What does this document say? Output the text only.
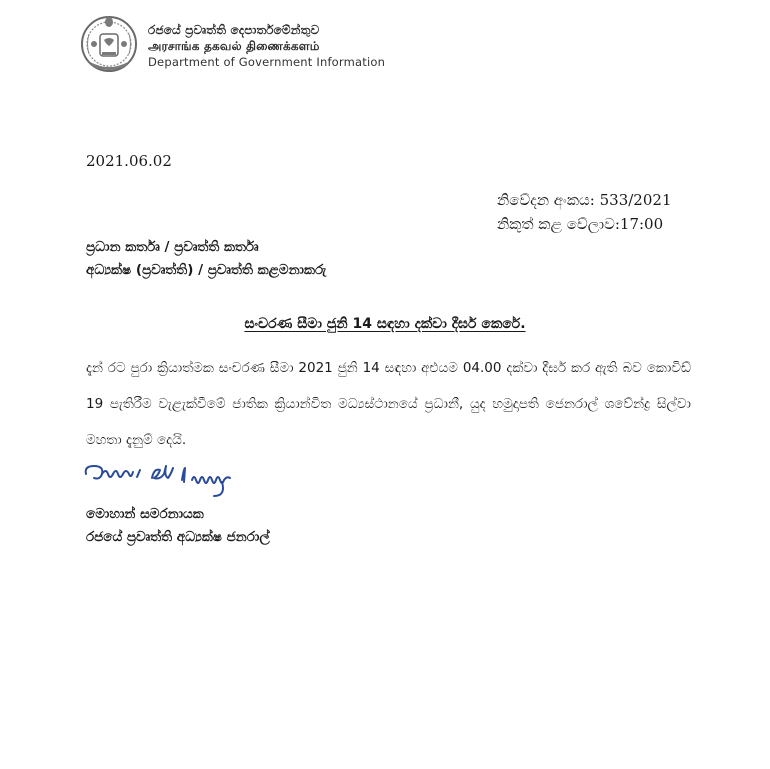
රජයේ ප්‍රවෘත්ති දෙපාර්තමේන්තුව
அரசாங்க தகவல் திணைக்களம்
Department of Government Information
2021.06.02
නිවේදන අංකය: 533/2021
නිකුත් කළ වේලාව:17:00
ප්‍රධාන කර්තෘ / ප්‍රවෘත්ති කර්තෘ
අධ්‍යක්ෂ (ප්‍රවෘත්ති) / ප්‍රවෘත්ති කළමනාකරු
සංචරණ සීමා ජුනි 14 සඳහා දක්වා දීර්ඝ කෙරේ.
දැන් රට පුරා ක්‍රියාත්මක සංචරණ සීමා 2021 ජුනි 14 සඳහා අළුයම 04.00 දක්වා දීර්ඝ කර ඇති බව කොවිඩ් 19 පැතිරීම වැළැක්වීමේ ජාතික ක්‍රියාන්විත මධ්‍යස්ථානයේ ප්‍රධානී, යුද හමුදාපති ජෙනරාල් ශවේන්ද්‍ර සිල්වා මහතා දැනුම් දෙයි.
මොහාන් සමරනායක
රජයේ ප්‍රවෘත්ති අධ්‍යක්ෂ ජනරාල්
